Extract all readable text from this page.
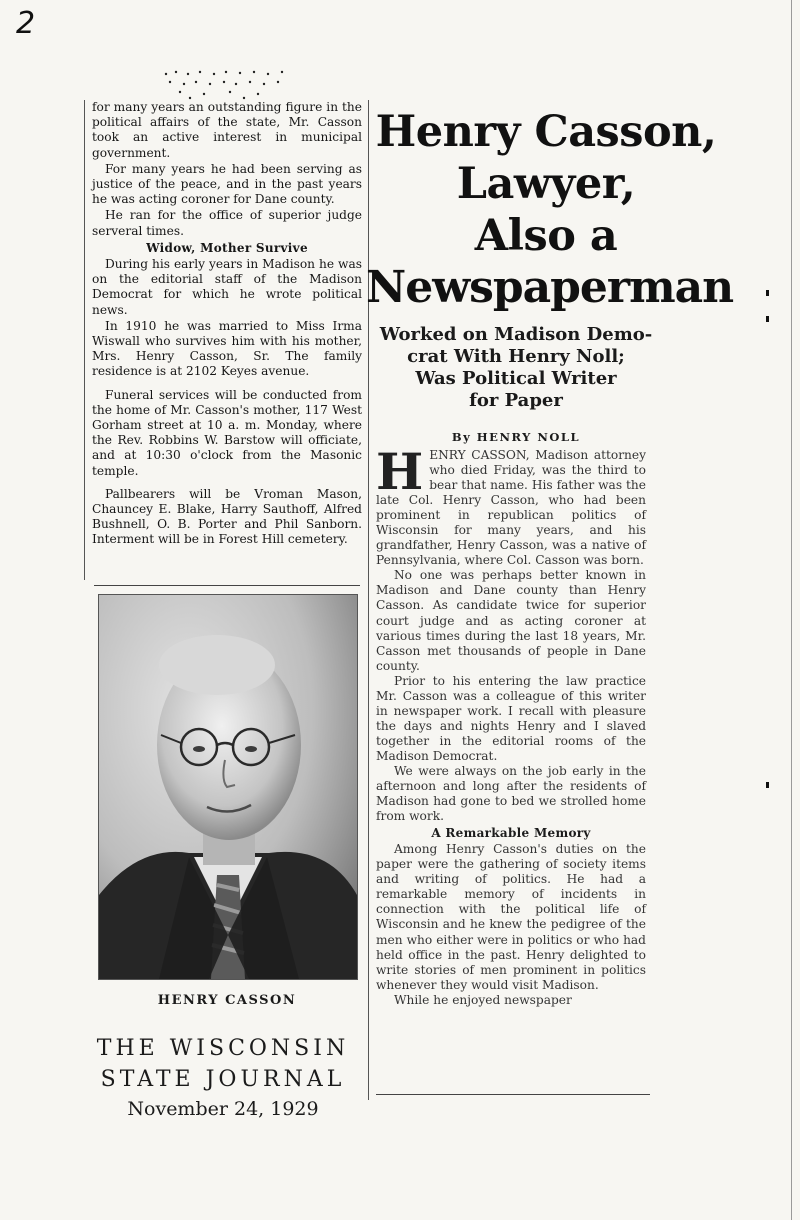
2

for many years an outstanding figure in the political affairs of the state, Mr. Casson took an active interest in municipal government.

For many years he had been serving as justice of the peace, and in the past years he was acting coroner for Dane county.

He ran for the office of superior judge serveral times.

Widow, Mother Survive

During his early years in Madison he was on the editorial staff of the Madison Democrat for which he wrote political news.

In 1910 he was married to Miss Irma Wiswall who survives him with his mother, Mrs. Henry Casson, Sr. The family residence is at 2102 Keyes avenue.

Funeral services will be conducted from the home of Mr. Casson's mother, 117 West Gorham street at 10 a. m. Monday, where the Rev. Robbins W. Barstow will officiate, and at 10:30 o'clock from the Masonic temple.

Pallbearers will be Vroman Mason, Chauncey E. Blake, Harry Sauthoff, Alfred Bushnell, O. B. Porter and Phil Sanborn. Interment will be in Forest Hill cemetery.

HENRY CASSON
THE WISCONSIN
STATE JOURNAL
November 24, 1929
Henry Casson,
Lawyer,
Also a
Newspaperman
Worked on Madison Demo-
crat With Henry Noll;
Was Political Writer
for Paper
By HENRY NOLL

HENRY CASSON, Madison attorney who died Friday, was the third to bear that name. His father was the late Col. Henry Casson, who had been prominent in republican politics of Wisconsin for many years, and his grandfather, Henry Casson, was a native of Pennsylvania, where Col. Casson was born.

No one was perhaps better known in Madison and Dane county than Henry Casson. As candidate twice for superior court judge and as acting coroner at various times during the last 18 years, Mr. Casson met thousands of people in Dane county.

Prior to his entering the law practice Mr. Casson was a colleague of this writer in newspaper work. I recall with pleasure the days and nights Henry and I slaved together in the editorial rooms of the Madison Democrat.

We were always on the job early in the afternoon and long after the residents of Madison had gone to bed we strolled home from work.

A Remarkable Memory

Among Henry Casson's duties on the paper were the gathering of society items and writing of politics. He had a remarkable memory of incidents in connection with the political life of Wisconsin and he knew the pedigree of the men who either were in politics or who had held office in the past. Henry delighted to write stories of men prominent in politics whenever they would visit Madison.

While he enjoyed newspaper
